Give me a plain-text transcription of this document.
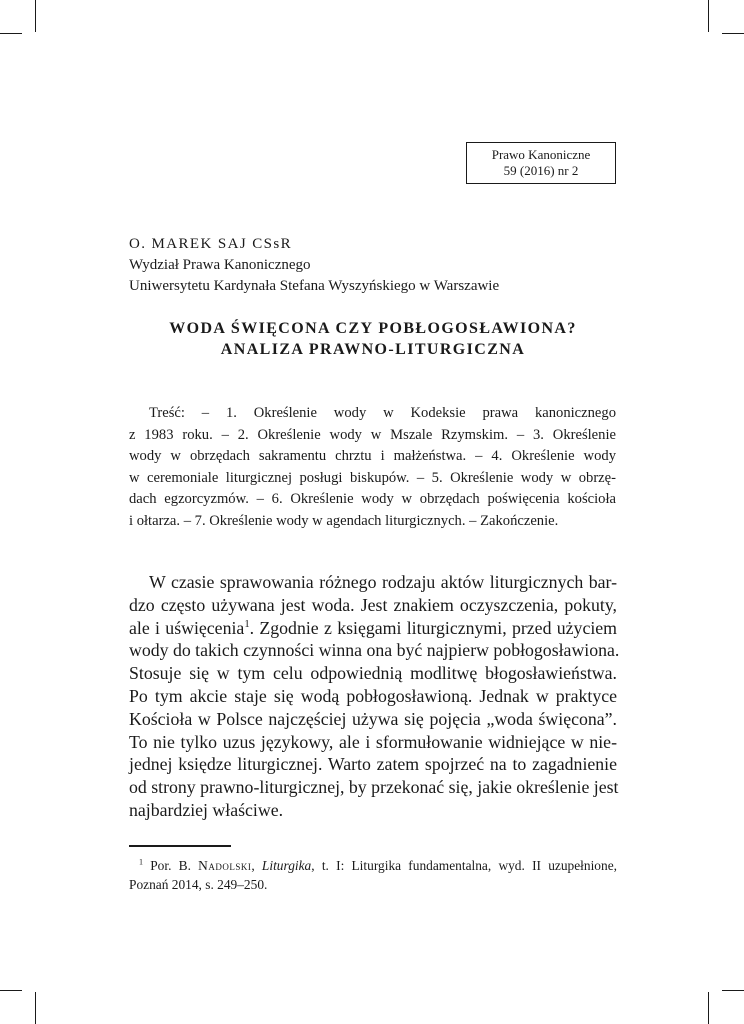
Prawo Kanoniczne
59 (2016) nr 2
O. MAREK SAJ CSsR
Wydział Prawa Kanonicznego
Uniwersytetu Kardynała Stefana Wyszyńskiego w Warszawie
WODA ŚWIĘCONA CZY POBŁOGOSŁAWIONA?
ANALIZA PRAWNO-LITURGICZNA
Treść: – 1. Określenie wody w Kodeksie prawa kanonicznego
z 1983 roku. – 2. Określenie wody w Mszale Rzymskim. – 3. Określenie
wody w obrzędach sakramentu chrztu i małżeństwa. – 4. Określenie wody
w ceremoniale liturgicznej posługi biskupów. – 5. Określenie wody w obrzę-
dach egzorcyzmów. – 6. Określenie wody w obrzędach poświęcenia kościoła
i ołtarza. – 7. Określenie wody w agendach liturgicznych. – Zakończenie.
W czasie sprawowania różnego rodzaju aktów liturgicznych bar-
dzo często używana jest woda. Jest znakiem oczyszczenia, pokuty,
ale i uświęcenia$^1$. Zgodnie z księgami liturgicznymi, przed użyciem
wody do takich czynności winna ona być najpierw pobłogosławiona.
Stosuje się w tym celu odpowiednią modlitwę błogosławieństwa.
Po tym akcie staje się wodą pobłogosławioną. Jednak w praktyce
Kościoła w Polsce najczęściej używa się pojęcia „woda święcona”.
To nie tylko uzus językowy, ale i sformułowanie widniejące w nie-
jednej księdze liturgicznej. Warto zatem spojrzeć na to zagadnienie
od strony prawno-liturgicznej, by przekonać się, jakie określenie jest
najbardziej właściwe.
$^1$ Por. B. Nadolski, Liturgika, t. I: Liturgika fundamentalna, wyd. II uzupełnione,
Poznań 2014, s. 249–250.
